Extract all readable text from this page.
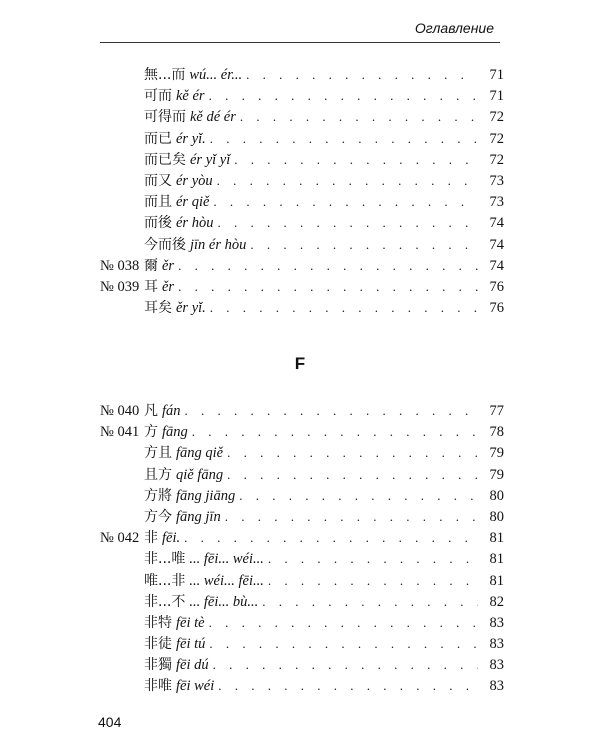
Оглавление
無...而 wú... ér... . . .	71
可而 kě ér . . .	71
可得而 kě dé ér . . .	72
而已 ér yǐ. . . .	72
而已矣 ér yǐ yǐ . . .	72
而又 ér yòu . . .	73
而且 ér qiě . . .	73
而後 ér hòu . . .	74
今而後 jīn ér hòu . . .	74
№ 038 爾 ěr . . .	74
№ 039 耳 ěr . . .	76
耳矣 ěr yǐ. . . .	76
F
№ 040 凡 fán . . .	77
№ 041 方 fāng . . .	78
方且 fāng qiě . . .	79
且方 qiě fāng . . .	79
方將 fāng jiāng . . .	80
方今 fāng jīn . . .	80
№ 042 非 fēi. . . .	81
非...唯 ... fēi... wéi... . . .	81
唯...非 ... wéi... fēi... . . .	81
非...不 ... fēi... bù... . . .	82
非特 fēi tè . . .	83
非徒 fēi tú . . .	83
非獨 fēi dú . . .	83
非唯 fēi wéi . . .	83
404
